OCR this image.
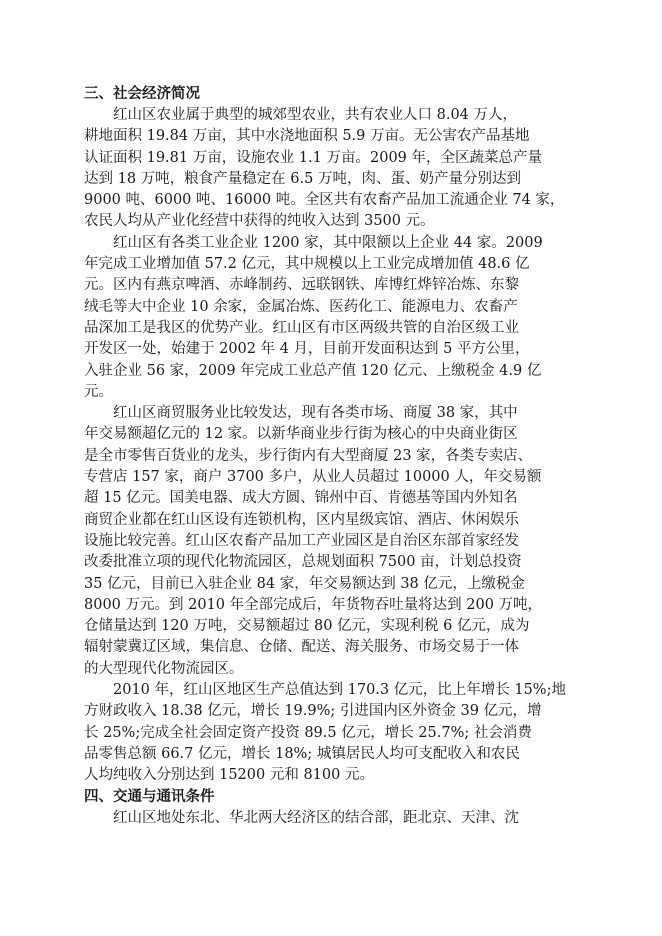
三、社会经济简况
红山区农业属于典型的城郊型农业，共有农业人口 8.04 万人，
耕地面积 19.84 万亩，其中水浇地面积 5.9 万亩。无公害农产品基地
认证面积 19.81 万亩，设施农业 1.1 万亩。2009 年，全区蔬菜总产量
达到 18 万吨，粮食产量稳定在 6.5 万吨，肉、蛋、奶产量分别达到
9000 吨、6000 吨、16000 吨。全区共有农畜产品加工流通企业 74 家，
农民人均从产业化经营中获得的纯收入达到 3500 元。
红山区有各类工业企业 1200 家，其中限额以上企业 44 家。2009
年完成工业增加值 57.2 亿元，其中规模以上工业完成增加值 48.6 亿
元。区内有燕京啤酒、赤峰制药、远联钢铁、库博红烨锌冶炼、东黎
绒毛等大中企业 10 余家，金属冶炼、医药化工、能源电力、农畜产
品深加工是我区的优势产业。红山区有市区两级共管的自治区级工业
开发区一处，始建于 2002 年 4 月，目前开发面积达到 5 平方公里，
入驻企业 56 家，2009 年完成工业总产值 120 亿元、上缴税金 4.9 亿
元。
红山区商贸服务业比较发达，现有各类市场、商厦 38 家，其中
年交易额超亿元的 12 家。以新华商业步行街为核心的中央商业街区
是全市零售百货业的龙头，步行街内有大型商厦 23 家，各类专卖店、
专营店 157 家，商户 3700 多户，从业人员超过 10000 人，年交易额
超 15 亿元。国美电器、成大方圆、锦州中百、肯德基等国内外知名
商贸企业都在红山区设有连锁机构，区内星级宾馆、酒店、休闲娱乐
设施比较完善。红山区农畜产品加工产业园区是自治区东部首家经发
改委批准立项的现代化物流园区，总规划面积 7500 亩，计划总投资
35 亿元，目前已入驻企业 84 家，年交易额达到 38 亿元，上缴税金
8000 万元。到 2010 年全部完成后，年货物吞吐量将达到 200 万吨，
仓储量达到 120 万吨，交易额超过 80 亿元，实现利税 6 亿元，成为
辐射蒙冀辽区域，集信息、仓储、配送、海关服务、市场交易于一体
的大型现代化物流园区。
2010 年，红山区地区生产总值达到 170.3 亿元，比上年增长 15%;地
方财政收入 18.38 亿元，增长 19.9%; 引进国内区外资金 39 亿元，增
长 25%;完成全社会固定资产投资 89.5 亿元，增长 25.7%; 社会消费
品零售总额 66.7 亿元，增长 18%; 城镇居民人均可支配收入和农民
人均纯收入分别达到 15200 元和 8100 元。
四、交通与通讯条件
红山区地处东北、华北两大经济区的结合部，距北京、天津、沈
